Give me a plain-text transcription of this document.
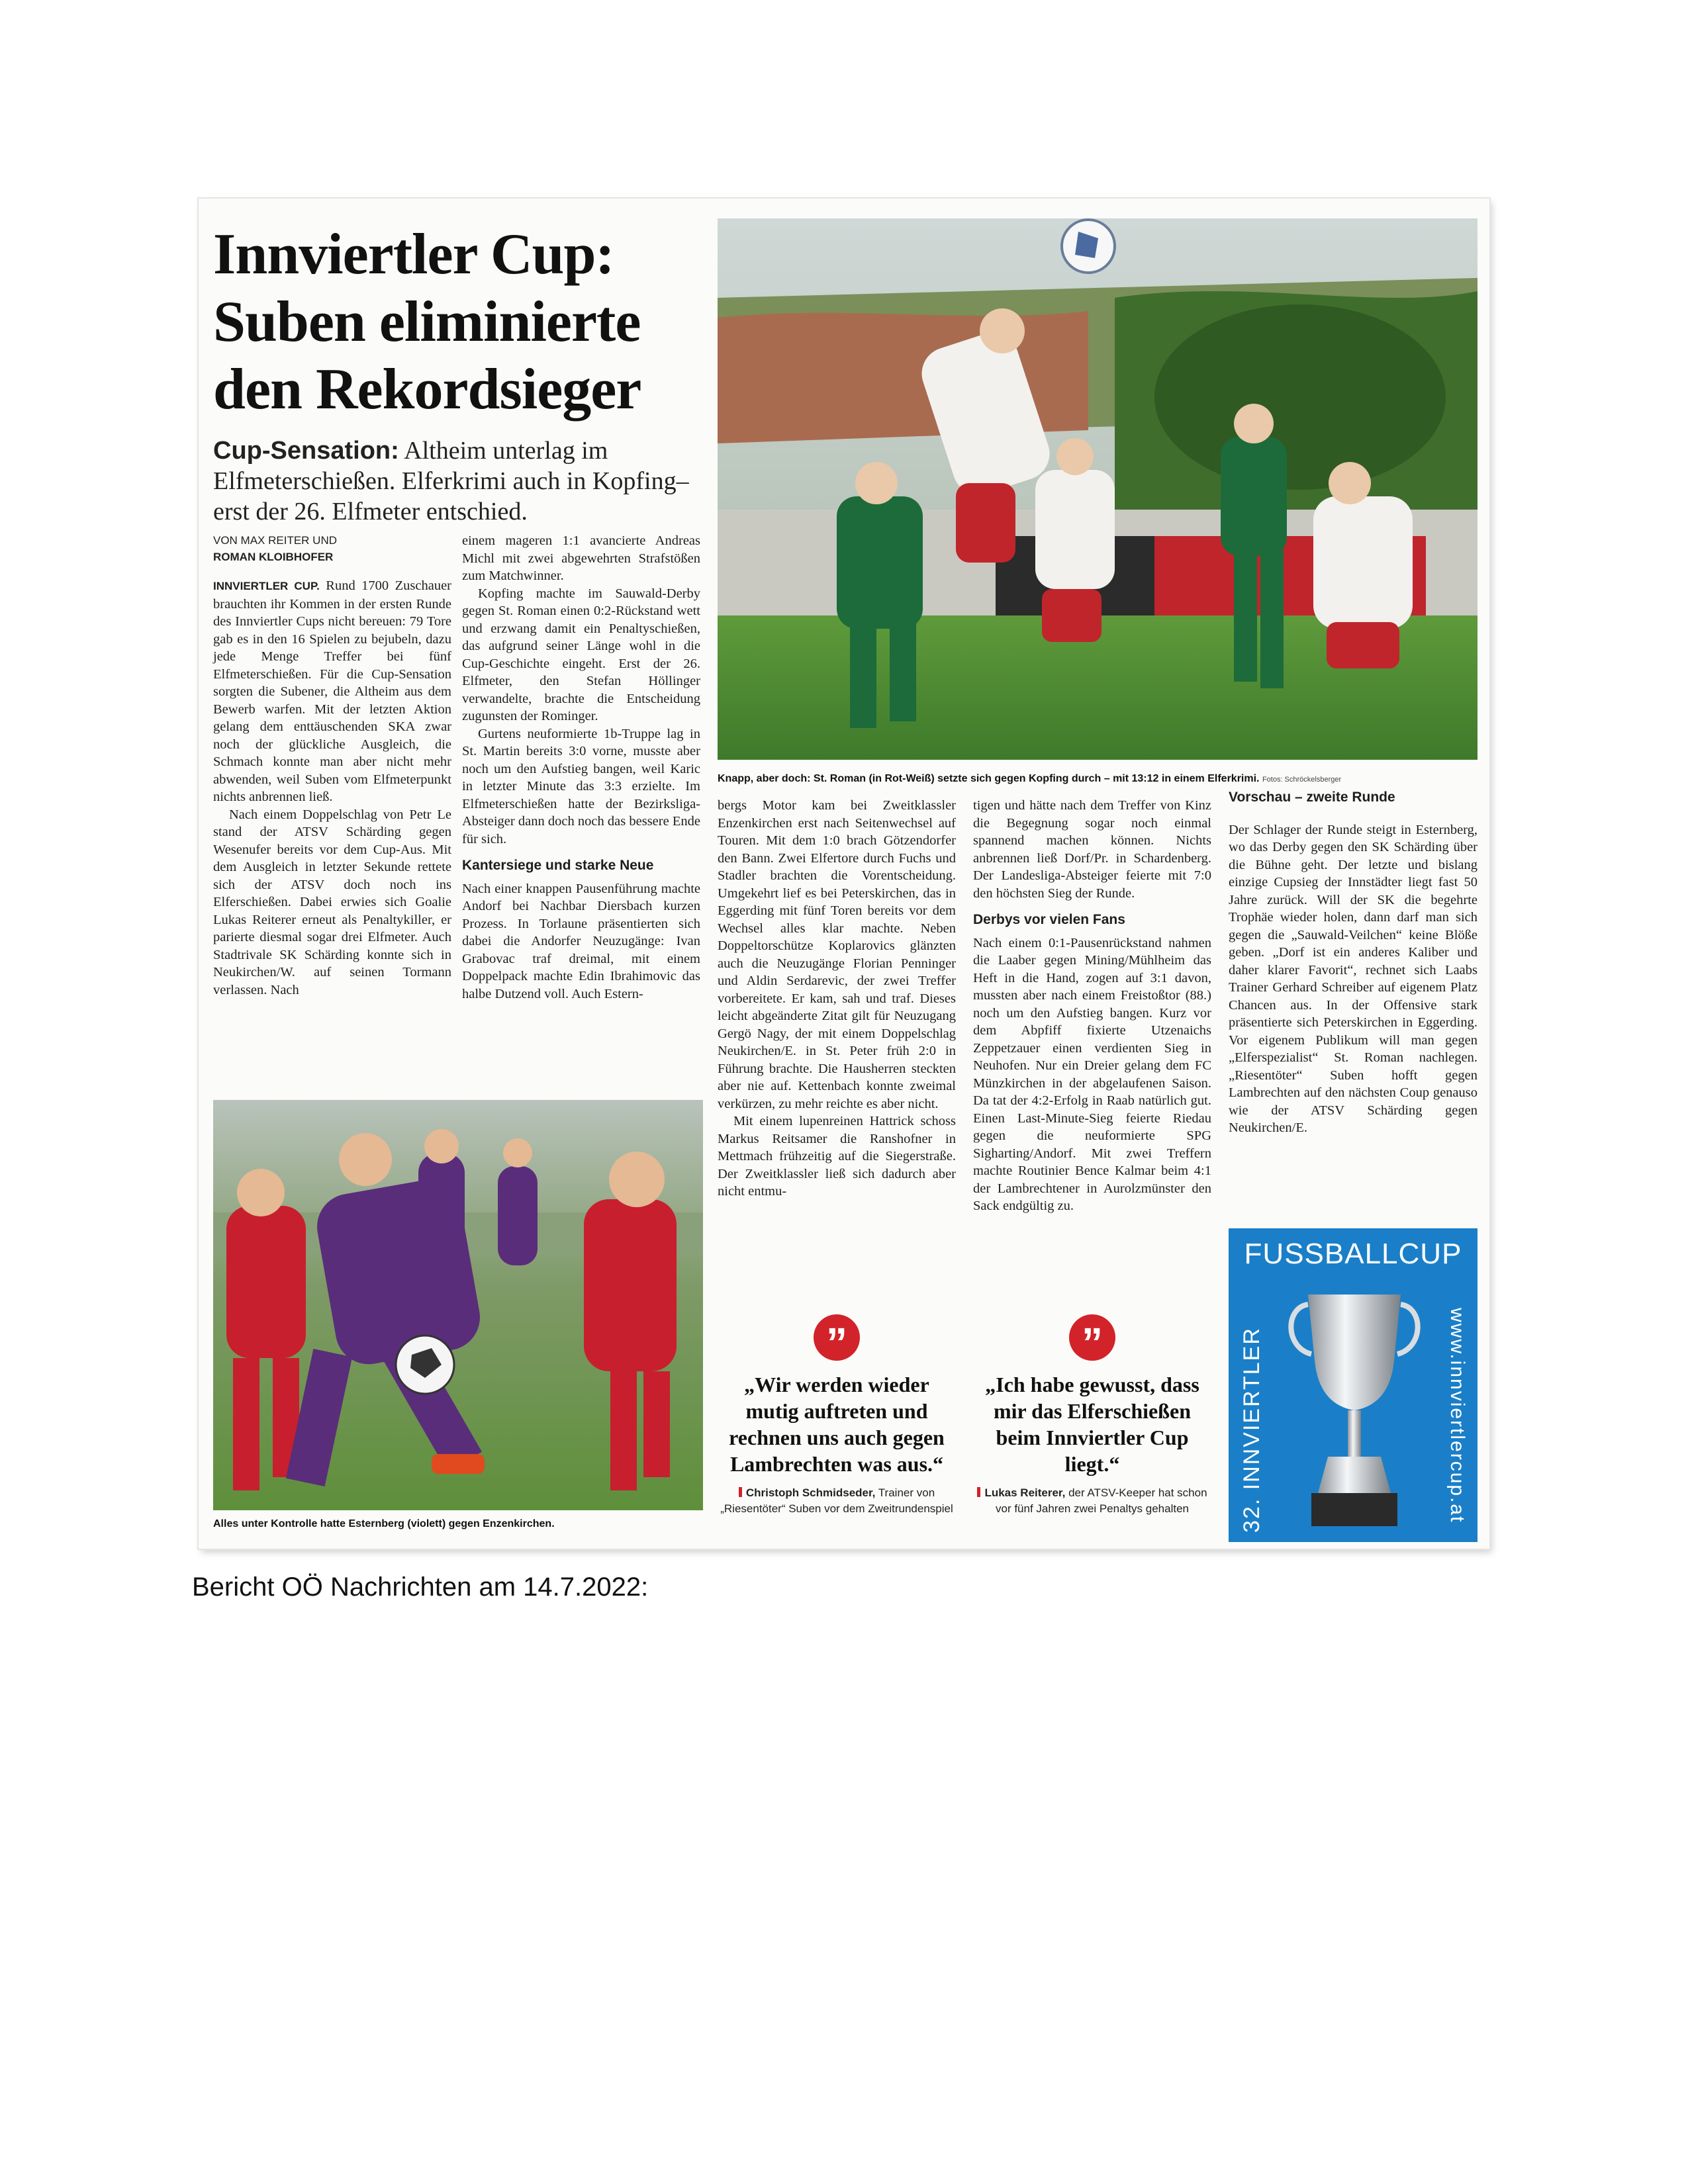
Innviertler Cup:
Suben eliminierte
den Rekordsieger
Cup-Sensation: Altheim unterlag im Elfmeterschießen. Elferkrimi auch in Kopfing– erst der 26. Elfmeter entschied.
VON MAX REITER UND
ROMAN KLOIBHOFER

INNVIERTLER CUP. Rund 1700 Zuschauer brauchten ihr Kommen in der ersten Runde des Innviertler Cups nicht bereuen: 79 Tore gab es in den 16 Spielen zu bejubeln, dazu jede Menge Treffer bei fünf Elfmeterschießen. Für die Cup-Sensation sorgten die Subener, die Altheim aus dem Bewerb warfen. Mit der letzten Aktion gelang dem enttäuschenden SKA zwar noch der glückliche Ausgleich, die Schmach konnte man aber nicht mehr abwenden, weil Suben vom Elfmeterpunkt nichts anbrennen ließ.

Nach einem Doppelschlag von Petr Le stand der ATSV Schärding gegen Wesenufer bereits vor dem Cup-Aus. Mit dem Ausgleich in letzter Sekunde rettete sich der ATSV doch noch ins Elferschießen. Dabei erwies sich Goalie Lukas Reiterer erneut als Penaltykiller, er parierte diesmal sogar drei Elfmeter. Auch Stadtrivale SK Schärding konnte sich in Neukirchen/W. auf seinen Tormann verlassen. Nach

einem mageren 1:1 avancierte Andreas Michl mit zwei abgewehrten Strafstößen zum Matchwinner.

Kopfing machte im Sauwald-Derby gegen St. Roman einen 0:2-Rückstand wett und erzwang damit ein Penaltyschießen, das aufgrund seiner Länge wohl in die Cup-Geschichte eingeht. Erst der 26. Elfmeter, den Stefan Höllinger verwandelte, brachte die Entscheidung zugunsten der Rominger.

Gurtens neuformierte 1b-Truppe lag in St. Martin bereits 3:0 vorne, musste aber noch um den Aufstieg bangen, weil Karic in letzter Minute das 3:3 erzielte. Im Elfmeterschießen hatte der Bezirksliga-Absteiger dann doch noch das bessere Ende für sich.

Kantersiege und starke Neue

Nach einer knappen Pausenführung machte Andorf bei Nachbar Diersbach kurzen Prozess. In Torlaune präsentierten sich dabei die Andorfer Neuzugänge: Ivan Grabovac traf dreimal, mit einem Doppelpack machte Edin Ibrahimovic das halbe Dutzend voll. Auch Estern-

Knapp, aber doch: St. Roman (in Rot-Weiß) setzte sich gegen Kopfing durch – mit 13:12 in einem Elferkrimi. Fotos: Schröckelsberger

bergs Motor kam bei Zweitklassler Enzenkirchen erst nach Seitenwechsel auf Touren. Mit dem 1:0 brach Götzendorfer den Bann. Zwei Elfertore durch Fuchs und Stadler brachten die Vorentscheidung. Umgekehrt lief es bei Peterskirchen, das in Eggerding mit fünf Toren bereits vor dem Wechsel alles klar machte. Neben Doppeltorschütze Koplarovics glänzten auch die Neuzugänge Florian Penninger und Aldin Serdarevic, der zwei Treffer vorbereitete. Er kam, sah und traf. Dieses leicht abgeänderte Zitat gilt für Neuzugang Gergö Nagy, der mit einem Doppelschlag Neukirchen/E. in St. Peter früh 2:0 in Führung brachte. Die Hausherren steckten aber nie auf. Kettenbach konnte zweimal verkürzen, zu mehr reichte es aber nicht.

Mit einem lupenreinen Hattrick schoss Markus Reitsamer die Ranshofner in Mettmach frühzeitig auf die Siegerstraße. Der Zweitklassler ließ sich dadurch aber nicht entmu-

tigen und hätte nach dem Treffer von Kinz die Begegnung sogar noch einmal spannend machen können. Nichts anbrennen ließ Dorf/Pr. in Schardenberg. Der Landesliga-Absteiger feierte mit 7:0 den höchsten Sieg der Runde.

Derbys vor vielen Fans

Nach einem 0:1-Pausenrückstand nahmen die Laaber gegen Mining/Mühlheim das Heft in die Hand, zogen auf 3:1 davon, mussten aber nach einem Freistoßtor (88.) noch um den Aufstieg bangen. Kurz vor dem Abpfiff fixierte Utzenaichs Zeppetzauer einen verdienten Sieg in Neuhofen. Nur ein Dreier gelang dem FC Münzkirchen in der abgelaufenen Saison. Da tat der 4:2-Erfolg in Raab natürlich gut. Einen Last-Minute-Sieg feierte Riedau gegen die neuformierte SPG Sigharting/Andorf. Mit zwei Treffern machte Routinier Bence Kalmar beim 4:1 der Lambrechtener in Aurolzmünster den Sack endgültig zu.

Vorschau – zweite Runde

Der Schlager der Runde steigt in Esternberg, wo das Derby gegen den SK Schärding über die Bühne geht. Der letzte und bislang einzige Cupsieg der Innstädter liegt fast 50 Jahre zurück. Will der SK die begehrte Trophäe wieder holen, dann darf man sich gegen die „Sauwald-Veilchen“ keine Blöße geben. „Dorf ist ein anderes Kaliber und daher klarer Favorit“, rechnet sich Laabs Trainer Gerhard Schreiber auf eigenem Platz Chancen aus. In der Offensive stark präsentierte sich Peterskirchen in Eggerding. Vor eigenem Publikum will man gegen „Elferspezialist“ St. Roman nachlegen. „Riesentöter“ Suben hofft gegen Lambrechten auf den nächsten Coup genauso wie der ATSV Schärding gegen Neukirchen/E.

Alles unter Kontrolle hatte Esternberg (violett) gegen Enzenkirchen.
”
„Wir werden wieder mutig auftreten und rechnen uns auch gegen Lambrechten was aus.“
Christoph Schmidseder, Trainer von „Riesentöter“ Suben vor dem Zweitrundenspiel
”
„Ich habe gewusst, dass mir das Elferschießen beim Innviertler Cup liegt.“
Lukas Reiterer, der ATSV-Keeper hat schon vor fünf Jahren zwei Penaltys gehalten
FUSSBALLCUP
32. INNVIERTLER	www.innviertlercup.at
Bericht OÖ Nachrichten am 14.7.2022:
